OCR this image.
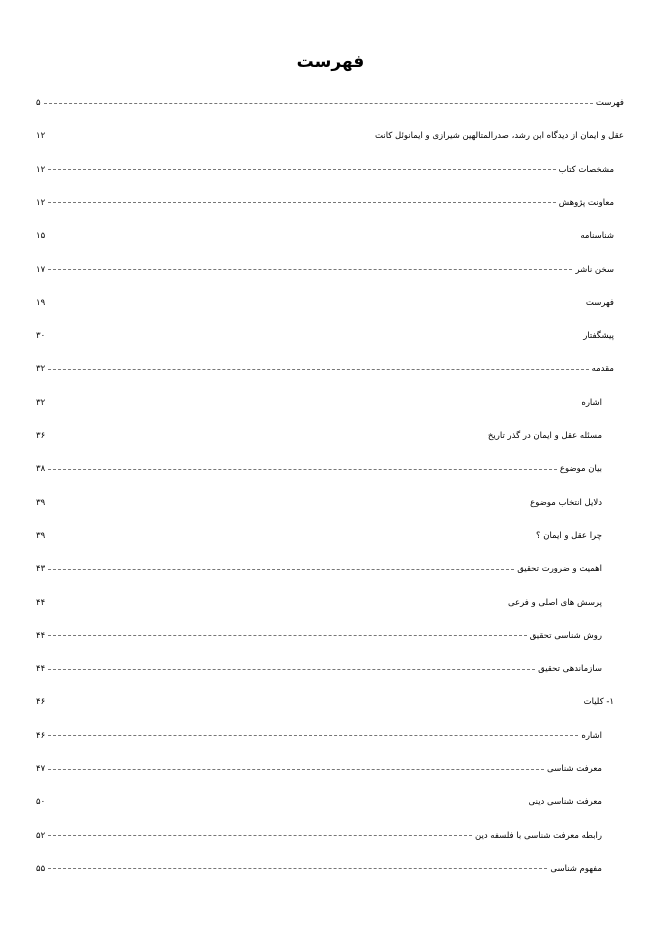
فهرست
فهرست
۵
عقل و ایمان از دیدگاه ابن رشد، صدرالمتالهین شیرازی و ایمانوئل کانت
۱۲
مشخصات کتاب
۱۲
معاونت پژوهش
۱۲
شناسنامه
۱۵
سخن ناشر
۱۷
فهرست
۱۹
پیشگفتار
۳۰
مقدمه
۳۲
اشاره
۳۲
مسئله عقل و ایمان در گذر تاریخ
۳۶
بیان موضوع
۳۸
دلایل انتخاب موضوع
۳۹
چرا عقل و ایمان ؟
۳۹
اهمیت و ضرورت تحقیق
۴۳
پرسش های اصلی و فرعی
۴۴
روش شناسی تحقیق
۴۴
سازماندهی تحقیق
۴۴
۱- کلیات
۴۶
اشاره
۴۶
معرفت شناسی
۴۷
معرفت شناسی دینی
۵۰
رابطه معرفت شناسی با فلسفه دین
۵۲
مفهوم شناسی
۵۵
